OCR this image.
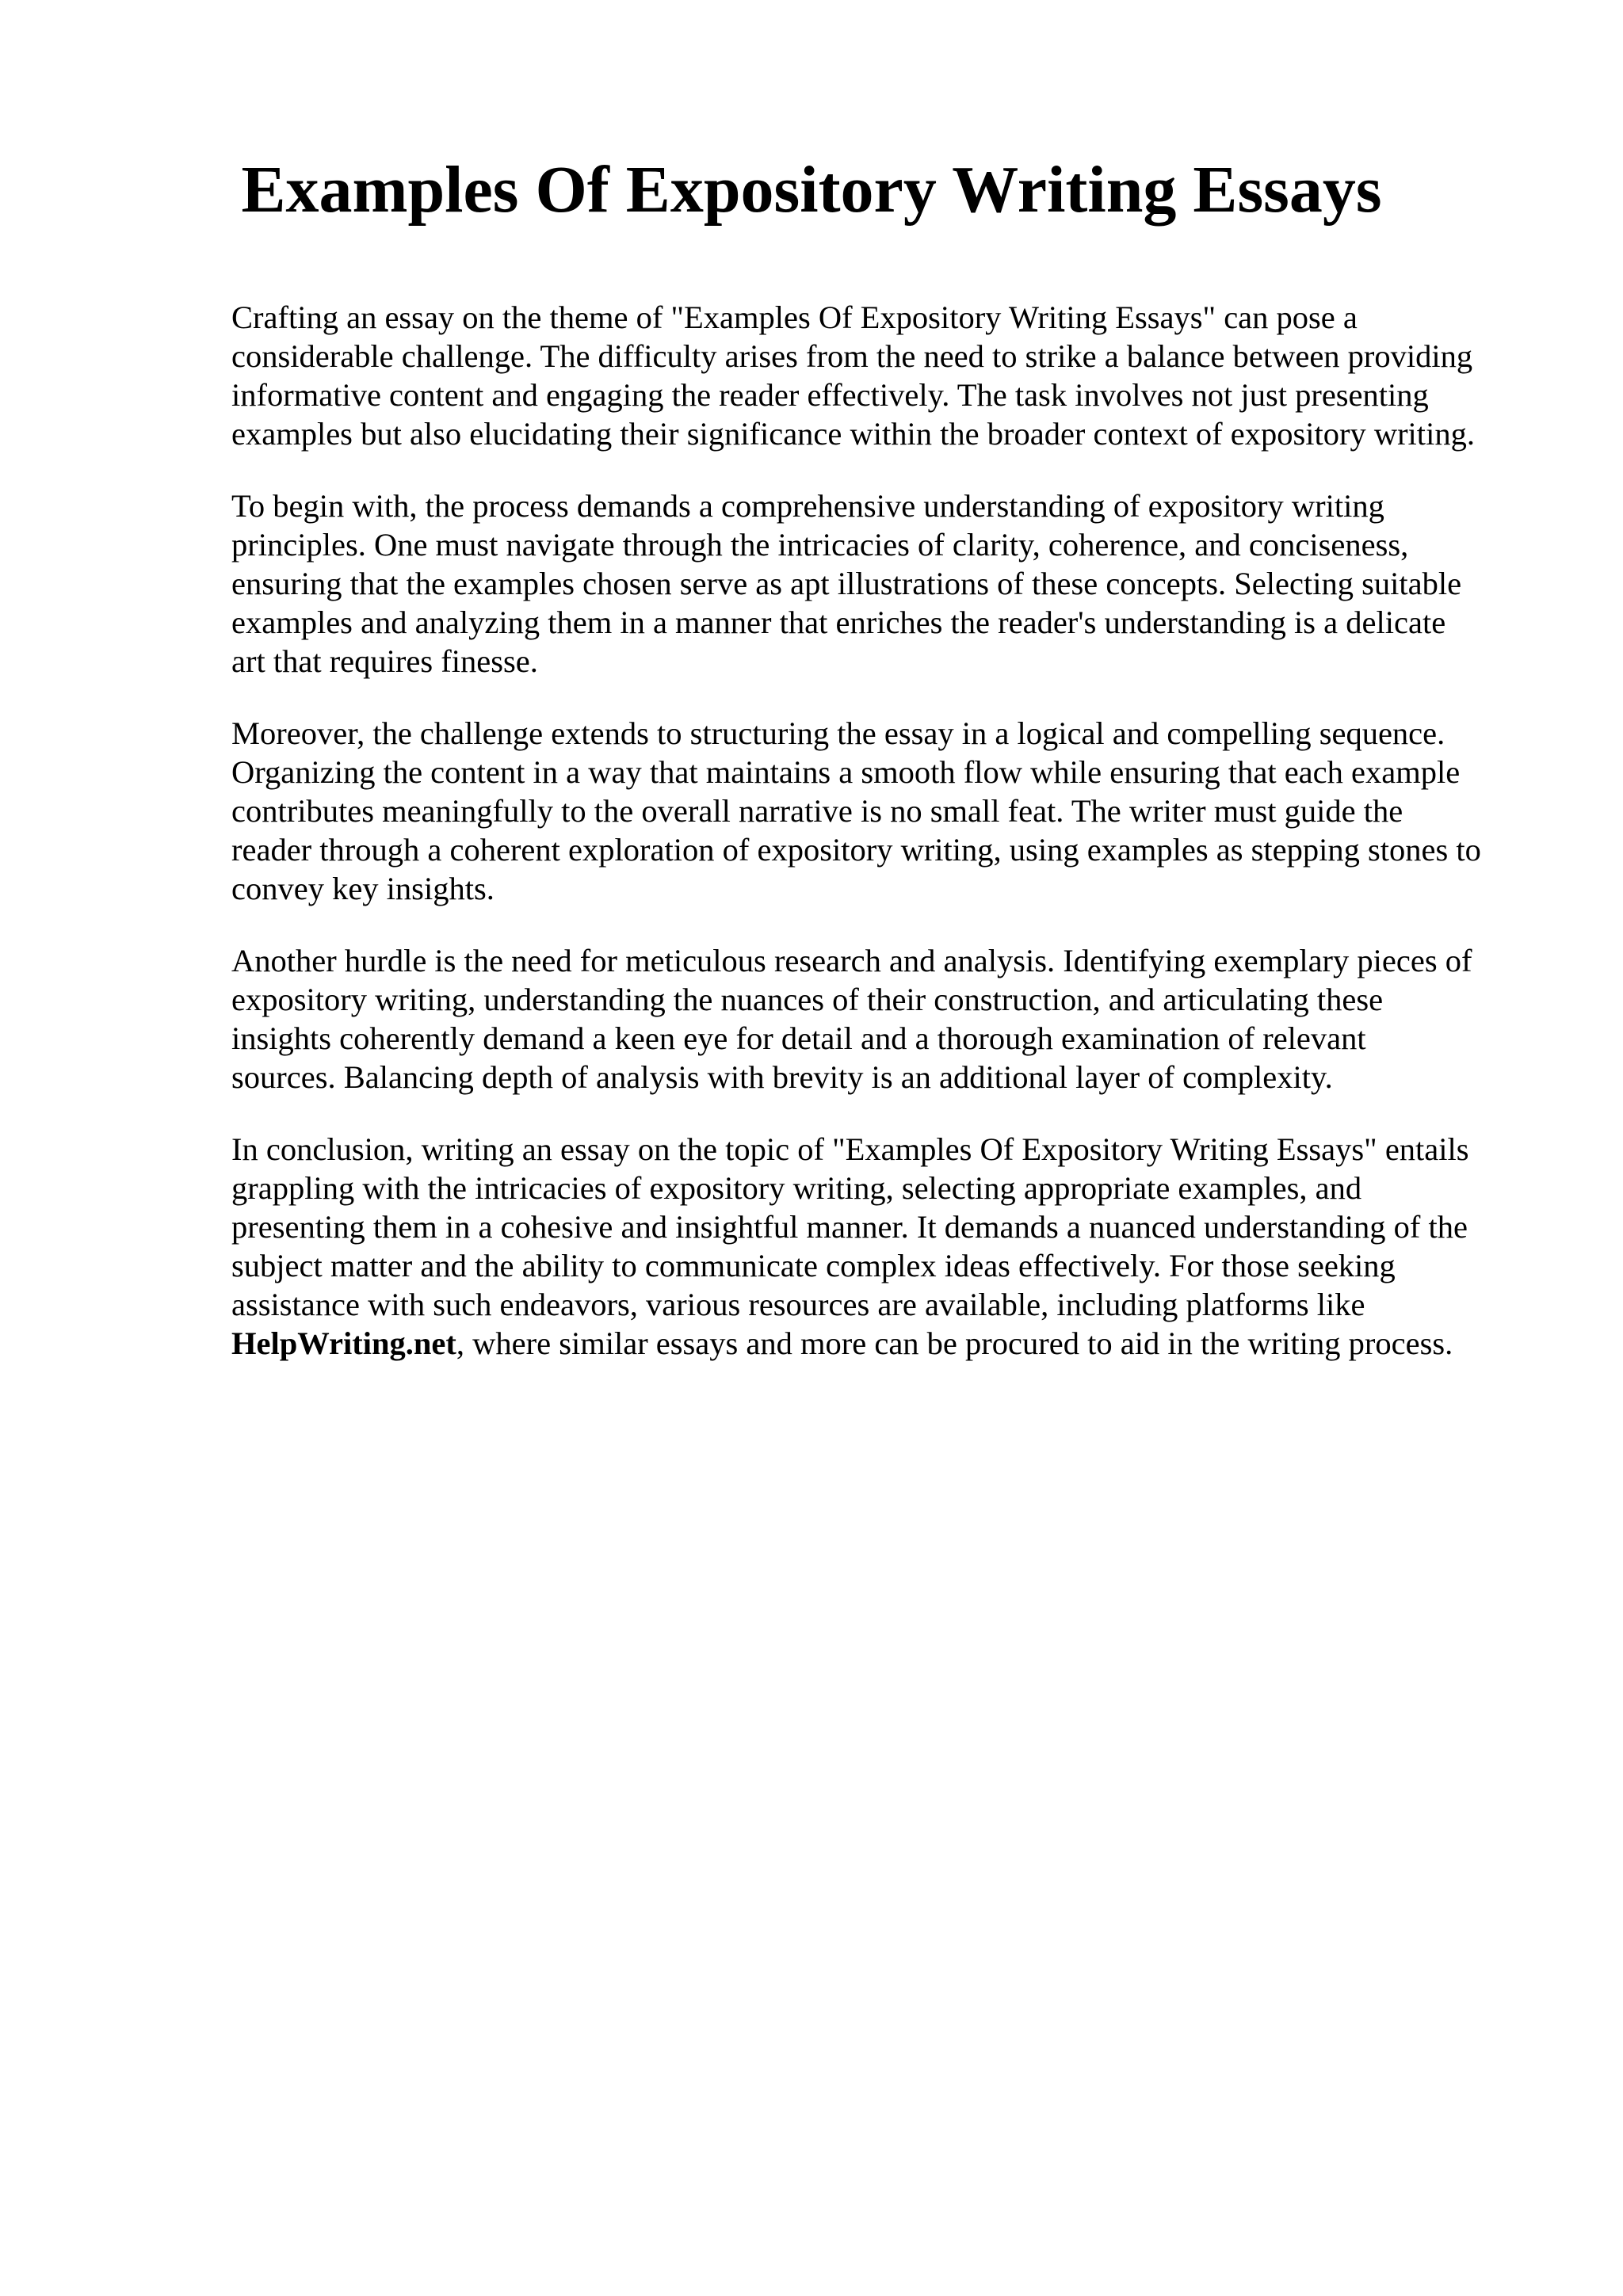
Examples Of Expository Writing Essays

Crafting an essay on the theme of "Examples Of Expository Writing Essays" can pose a
considerable challenge. The difficulty arises from the need to strike a balance between providing
informative content and engaging the reader effectively. The task involves not just presenting
examples but also elucidating their significance within the broader context of expository writing.

To begin with, the process demands a comprehensive understanding of expository writing
principles. One must navigate through the intricacies of clarity, coherence, and conciseness,
ensuring that the examples chosen serve as apt illustrations of these concepts. Selecting suitable
examples and analyzing them in a manner that enriches the reader's understanding is a delicate
art that requires finesse.

Moreover, the challenge extends to structuring the essay in a logical and compelling sequence.
Organizing the content in a way that maintains a smooth flow while ensuring that each example
contributes meaningfully to the overall narrative is no small feat. The writer must guide the
reader through a coherent exploration of expository writing, using examples as stepping stones to
convey key insights.

Another hurdle is the need for meticulous research and analysis. Identifying exemplary pieces of
expository writing, understanding the nuances of their construction, and articulating these
insights coherently demand a keen eye for detail and a thorough examination of relevant
sources. Balancing depth of analysis with brevity is an additional layer of complexity.

In conclusion, writing an essay on the topic of "Examples Of Expository Writing Essays" entails
grappling with the intricacies of expository writing, selecting appropriate examples, and
presenting them in a cohesive and insightful manner. It demands a nuanced understanding of the
subject matter and the ability to communicate complex ideas effectively. For those seeking
assistance with such endeavors, various resources are available, including platforms like
HelpWriting.net, where similar essays and more can be procured to aid in the writing process.
